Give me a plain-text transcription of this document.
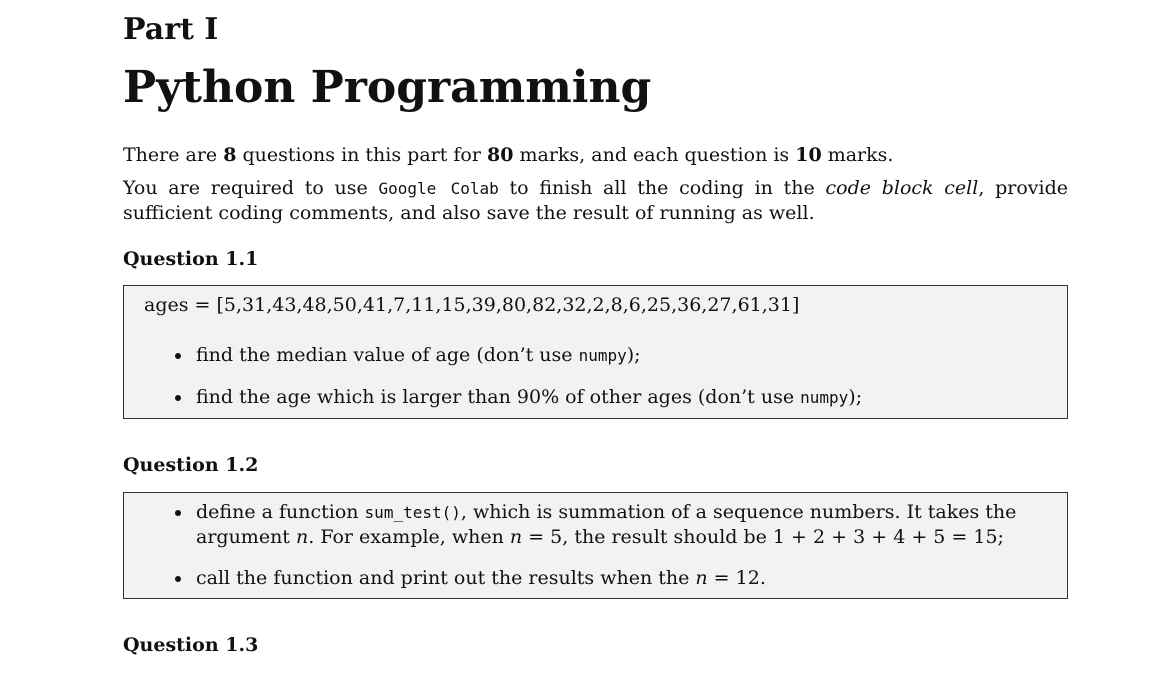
Part I
Python Programming

There are 8 questions in this part for 80 marks, and each question is 10 marks.

You are required to use Google Colab to finish all the coding in the code block cell, provide sufficient coding comments, and also save the result of running as well.

Question 1.1
ages = [5,31,43,48,50,41,7,11,15,39,80,82,32,2,8,6,25,36,27,61,31]
find the median value of age (don’t use numpy);
find the age which is larger than 90% of other ages (don’t use numpy);
Question 1.2
define a function sum_test(), which is summation of a sequence numbers. It takes the argument n. For example, when n = 5, the result should be 1 + 2 + 3 + 4 + 5 = 15;
call the function and print out the results when the n = 12.
Question 1.3
